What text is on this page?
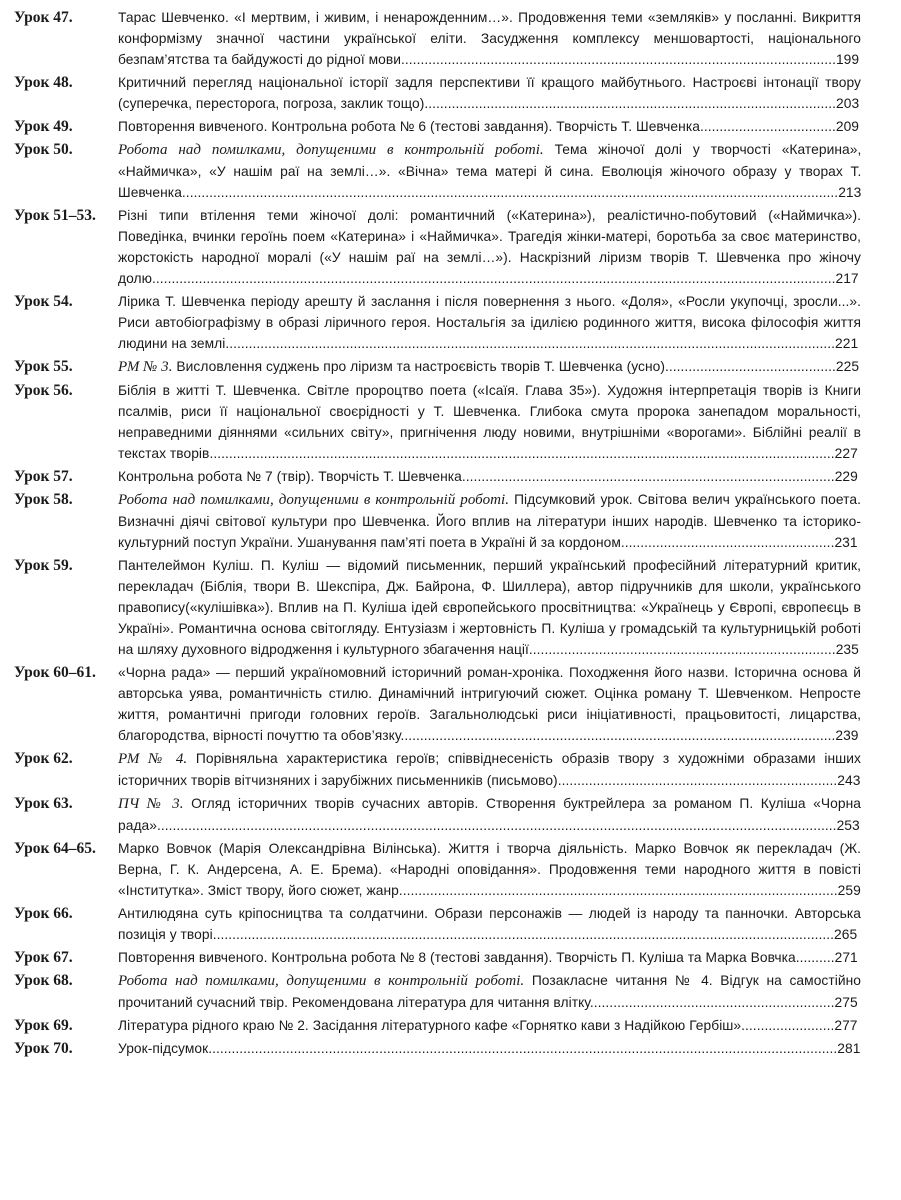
Урок 47.	Тарас Шевченко. «І мертвим, і живим, і ненарожденним…». Продовження теми «земляків» у посланні. Викриття конформізму значної частини української еліти. Засудження комплексу меншовартості, національного безпам’ятства та байдужості до рідної мови................................................................................................................199
Урок 48.	Критичний перегляд національної історії задля перспективи її кращого майбутнього. Настроєві інтонації твору (суперечка, пересторога, погроза, заклик тощо)..........................................................................................................203
Урок 49.	Повторення вивченого. Контрольна робота № 6 (тестові завдання). Творчість Т. Шевченка...................................209
Урок 50.	Робота над помилками, допущеними в контрольній роботі. Тема жіночої долі у творчості «Катерина», «Наймичка», «У нашім раї на землі…». «Вічна» тема матері й сина. Еволюція жіночого образу у творах Т. Шевченка.........................................................................................................................................................................213
Урок 51–53.	Різні типи втілення теми жіночої долі: романтичний («Катерина»), реалістично-побутовий («Наймичка»). Поведінка, вчинки героїнь поем «Катерина» і «Наймичка». Трагедія жінки-матері, боротьба за своє материнство, жорстокість народної моралі («У нашім раї на землі…»). Наскрізний ліризм творів Т. Шевченка про жіночу долю................................................................................................................................................................................217
Урок 54.	Лірика Т. Шевченка періоду арешту й заслання і після повернення з нього. «Доля», «Росли укупочці, зросли...». Риси автобіографізму в образі ліричного героя. Ностальгія за ідилією родинного життя, висока філософія життя людини на землі.............................................................................................................................................................221
Урок 55.	РМ № 3. Висловлення суджень про ліризм та настроєвість творів Т. Шевченка (усно)............................................225
Урок 56.	Біблія в житті Т. Шевченка. Світле пророцтво поета («Ісаїя. Глава 35»). Художня інтерпретація творів із Книги псалмів, риси її національної своєрідності у Т. Шевченка. Глибока смута пророка занепадом моральності, неправедними діяннями «сильних світу», пригнічення люду новими, внутрішніми «ворогами». Біблійні реалії в текстах творів.................................................................................................................................................................227
Урок 57.	Контрольна робота № 7 (твір). Творчість Т. Шевченка................................................................................................229
Урок 58.	Робота над помилками, допущеними в контрольній роботі. Підсумковий урок. Світова велич українського поета. Визначні діячі світової культури про Шевченка. Його вплив на літератури інших народів. Шевченко та історико-культурний поступ України. Ушанування пам’яті поета в Україні й за кордоном.......................................................231
Урок 59.	Пантелеймон Куліш. П. Куліш — відомий письменник, перший український професійний літературний критик, перекладач (Біблія, твори В. Шекспіра, Дж. Байрона, Ф. Шиллера), автор підручників для школи, українського правопису(«кулішівка»). Вплив на П. Куліша ідей європейського просвітництва: «Українець у Європі, європеєць в Україні». Романтична основа світогляду. Ентузіазм і жертовність П. Куліша у громадській та культурницькій роботі на шляху духовного відродження і культурного збагачення нації...............................................................................235
Урок 60–61.	«Чорна рада» — перший україномовний історичний роман-хроніка. Походження його назви. Історична основа й авторська уява, романтичність стилю. Динамічний інтригуючий сюжет. Оцінка роману Т. Шевченком. Непросте життя, романтичні пригоди головних героїв. Загальнолюдські риси ініціативності, працьовитості, лицарства, благородства, вірності почуттю та обов’язку................................................................................................................239
Урок 62.	РМ № 4. Порівняльна характеристика героїв; співвіднесеність образів твору з художніми образами інших історичних творів вітчизняних і зарубіжних письменників (письмово)........................................................................243
Урок 63.	ПЧ № 3. Огляд історичних творів сучасних авторів. Створення буктрейлера за романом П. Куліша «Чорна рада»...............................................................................................................................................................................253
Урок 64–65.	Марко Вовчок (Марія Олександрівна Вілінська). Життя і творча діяльність. Марко Вовчок як перекладач (Ж. Верна, Г. К. Андерсена, А. Е. Брема). «Народні оповідання». Продовження теми народного життя в повісті «Інститутка». Зміст твору, його сюжет, жанр.................................................................................................................259
Урок 66.	Антилюдяна суть кріпосництва та солдатчини. Образи персонажів — людей із народу та панночки. Авторська позиція у творі................................................................................................................................................................265
Урок 67.	Повторення вивченого. Контрольна робота № 8 (тестові завдання). Творчість П. Куліша та Марка Вовчка..........271
Урок 68.	Робота над помилками, допущеними в контрольній роботі. Позакласне читання № 4. Відгук на самостійно прочитаний сучасний твір. Рекомендована література для читання влітку...............................................................275
Урок 69.	Література рідного краю № 2. Засідання літературного кафе «Горнятко кави з Надійкою Гербіш»........................277
Урок 70.	Урок-підсумок..................................................................................................................................................................281
